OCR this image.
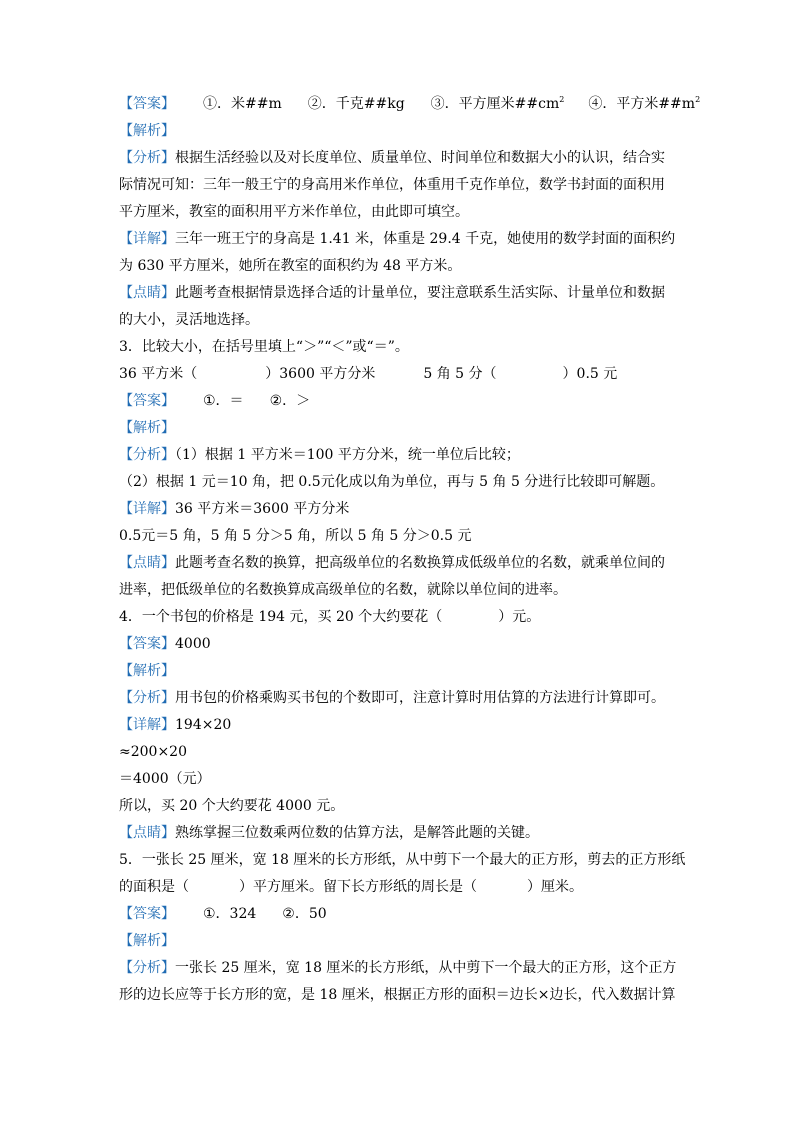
【答案】 ①．米##m ②．千克##kg ③．平方厘米$\#\#cm^2$ ④．平方米$\#\#m^2$
【解析】
【分析】根据生活经验以及对长度单位、质量单位、时间单位和数据大小的认识，结合实
际情况可知：三年一般王宁的身高用米作单位，体重用千克作单位，数学书封面的面积用
平方厘米，教室的面积用平方米作单位，由此即可填空。
【详解】三年一班王宁的身高是 1.41 米，体重是 29.4 千克，她使用的数学封面的面积约
为 630 平方厘米，她所在教室的面积约为 48 平方米。
【点睛】此题考查根据情景选择合适的计量单位，要注意联系生活实际、计量单位和数据
的大小，灵活地选择。
3．比较大小，在括号里填上“＞”“＜”或“＝”。
36 平方米（	）3600 平方分米	5 角 5 分（	）0.5 元
【答案】 ①．＝ ②．＞
【解析】
【分析】（1）根据 1 平方米＝100 平方分米，统一单位后比较；
（2）根据 1 元＝10 角，把 0.5元化成以角为单位，再与 5 角 5 分进行比较即可解题。
【详解】36 平方米＝3600 平方分米
0.5元＝5 角，5 角 5 分＞5 角，所以 5 角 5 分＞0.5 元
【点睛】此题考查名数的换算，把高级单位的名数换算成低级单位的名数，就乘单位间的
进率，把低级单位的名数换算成高级单位的名数，就除以单位间的进率。
4．一个书包的价格是 194 元，买 20 个大约要花（	）元。
【答案】4000
【解析】
【分析】用书包的价格乘购买书包的个数即可，注意计算时用估算的方法进行计算即可。
【详解】194×20
≈200×20
＝4000（元）
所以，买 20 个大约要花 4000 元。
【点睛】熟练掌握三位数乘两位数的估算方法，是解答此题的关键。
5．一张长 25 厘米，宽 18 厘米的长方形纸，从中剪下一个最大的正方形，剪去的正方形纸
的面积是（	）平方厘米。留下长方形纸的周长是（	）厘米。
【答案】 ①．324 ②．50
【解析】
【分析】一张长 25 厘米，宽 18 厘米的长方形纸，从中剪下一个最大的正方形，这个正方
形的边长应等于长方形的宽，是 18 厘米，根据正方形的面积＝边长×边长，代入数据计算
